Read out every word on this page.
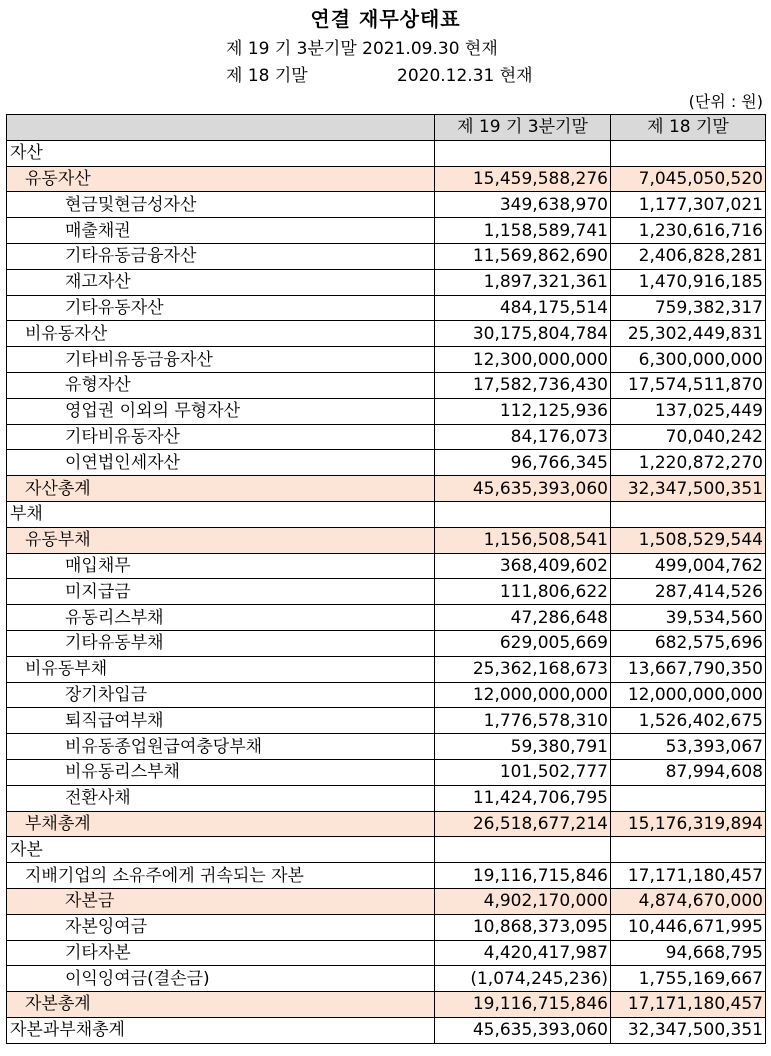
연결 재무상태표
제 19 기 3분기말 2021.09.30 현재
제 18 기말	2020.12.31 현재
(단위 : 원)
	제 19 기 3분기말	제 18 기말
자산		
유동자산	15,459,588,276	7,045,050,520
현금및현금성자산	349,638,970	1,177,307,021
매출채권	1,158,589,741	1,230,616,716
기타유동금융자산	11,569,862,690	2,406,828,281
재고자산	1,897,321,361	1,470,916,185
기타유동자산	484,175,514	759,382,317
비유동자산	30,175,804,784	25,302,449,831
기타비유동금융자산	12,300,000,000	6,300,000,000
유형자산	17,582,736,430	17,574,511,870
영업권 이외의 무형자산	112,125,936	137,025,449
기타비유동자산	84,176,073	70,040,242
이연법인세자산	96,766,345	1,220,872,270
자산총계	45,635,393,060	32,347,500,351
부채		
유동부채	1,156,508,541	1,508,529,544
매입채무	368,409,602	499,004,762
미지급금	111,806,622	287,414,526
유동리스부채	47,286,648	39,534,560
기타유동부채	629,005,669	682,575,696
비유동부채	25,362,168,673	13,667,790,350
장기차입금	12,000,000,000	12,000,000,000
퇴직급여부채	1,776,578,310	1,526,402,675
비유동종업원급여충당부채	59,380,791	53,393,067
비유동리스부채	101,502,777	87,994,608
전환사채	11,424,706,795	
부채총계	26,518,677,214	15,176,319,894
자본		
지배기업의 소유주에게 귀속되는 자본	19,116,715,846	17,171,180,457
자본금	4,902,170,000	4,874,670,000
자본잉여금	10,868,373,095	10,446,671,995
기타자본	4,420,417,987	94,668,795
이익잉여금(결손금)	(1,074,245,236)	1,755,169,667
자본총계	19,116,715,846	17,171,180,457
자본과부채총계	45,635,393,060	32,347,500,351
